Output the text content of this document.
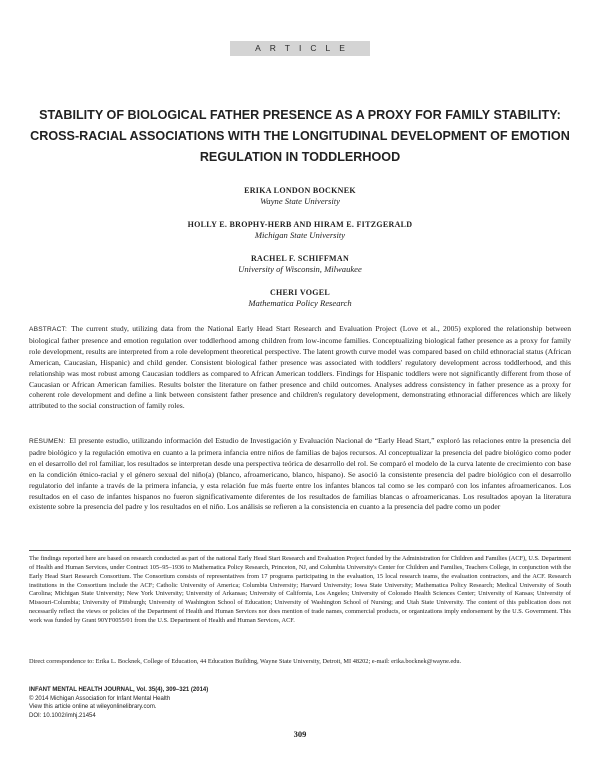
ARTICLE
STABILITY OF BIOLOGICAL FATHER PRESENCE AS A PROXY FOR FAMILY STABILITY: CROSS-RACIAL ASSOCIATIONS WITH THE LONGITUDINAL DEVELOPMENT OF EMOTION REGULATION IN TODDLERHOOD
ERIKA LONDON BOCKNEK
Wayne State University
HOLLY E. BROPHY-HERB AND HIRAM E. FITZGERALD
Michigan State University
RACHEL F. SCHIFFMAN
University of Wisconsin, Milwaukee
CHERI VOGEL
Mathematica Policy Research

ABSTRACT: The current study, utilizing data from the National Early Head Start Research and Evaluation Project (Love et al., 2005) explored the relationship between biological father presence and emotion regulation over toddlerhood among children from low-income families. Conceptualizing biological father presence as a proxy for family role development, results are interpreted from a role development theoretical perspective. The latent growth curve model was compared based on child ethnoracial status (African American, Caucasian, Hispanic) and child gender. Consistent biological father presence was associated with toddlers' regulatory development across toddlerhood, and this relationship was most robust among Caucasian toddlers as compared to African American toddlers. Findings for Hispanic toddlers were not significantly different from those of Caucasian or African American families. Results bolster the literature on father presence and child outcomes. Analyses address consistency in father presence as a proxy for coherent role development and define a link between consistent father presence and children's regulatory development, demonstrating ethnoracial differences which are likely attributed to the social construction of family roles.

RESUMEN: El presente estudio, utilizando información del Estudio de Investigación y Evaluación Nacional de “Early Head Start,” exploró las relaciones entre la presencia del padre biológico y la regulación emotiva en cuanto a la primera infancia entre niños de familias de bajos recursos. Al conceptualizar la presencia del padre biológico como poder en el desarrollo del rol familiar, los resultados se interpretan desde una perspectiva teórica de desarrollo del rol. Se comparó el modelo de la curva latente de crecimiento con base en la condición étnico-racial y el género sexual del niño(a) (blanco, afroamericano, blanco, hispano). Se asoció la consistente presencia del padre biológico con el desarrollo regulatorio del infante a través de la primera infancia, y esta relación fue más fuerte entre los infantes blancos tal como se les comparó con los infantes afroamericanos. Los resultados en el caso de infantes hispanos no fueron significativamente diferentes de los resultados de familias blancas o afroamericanas. Los resultados apoyan la literatura existente sobre la presencia del padre y los resultados en el niño. Los análisis se refieren a la consistencia en cuanto a la presencia del padre como un poder

The findings reported here are based on research conducted as part of the national Early Head Start Research and Evaluation Project funded by the Administration for Children and Families (ACF), U.S. Department of Health and Human Services, under Contract 105–95–1936 to Mathematica Policy Research, Princeton, NJ, and Columbia University's Center for Children and Families, Teachers College, in conjunction with the Early Head Start Research Consortium. The Consortium consists of representatives from 17 programs participating in the evaluation, 15 local research teams, the evaluation contractors, and the ACF. Research institutions in the Consortium include the ACF; Catholic University of America; Columbia University; Harvard University; Iowa State University; Mathematica Policy Research; Medical University of South Carolina; Michigan State University; New York University; University of Arkansas; University of California, Los Angeles; University of Colorado Health Sciences Center; University of Kansas; University of Missouri-Columbia; University of Pittsburgh; University of Washington School of Education; University of Washington School of Nursing; and Utah State University. The content of this publication does not necessarily reflect the views or policies of the Department of Health and Human Services nor does mention of trade names, commercial products, or organizations imply endorsement by the U.S. Government. This work was funded by Grant 90YF0055/01 from the U.S. Department of Health and Human Services, ACF.

Direct correspondence to: Erika L. Bocknek, College of Education, 44 Education Building, Wayne State University, Detroit, MI 48202; e-mail: erika.bocknek@wayne.edu.

INFANT MENTAL HEALTH JOURNAL, Vol. 35(4), 309–321 (2014)
© 2014 Michigan Association for Infant Mental Health
View this article online at wileyonlinelibrary.com.
DOI: 10.1002/imhj.21454
309
